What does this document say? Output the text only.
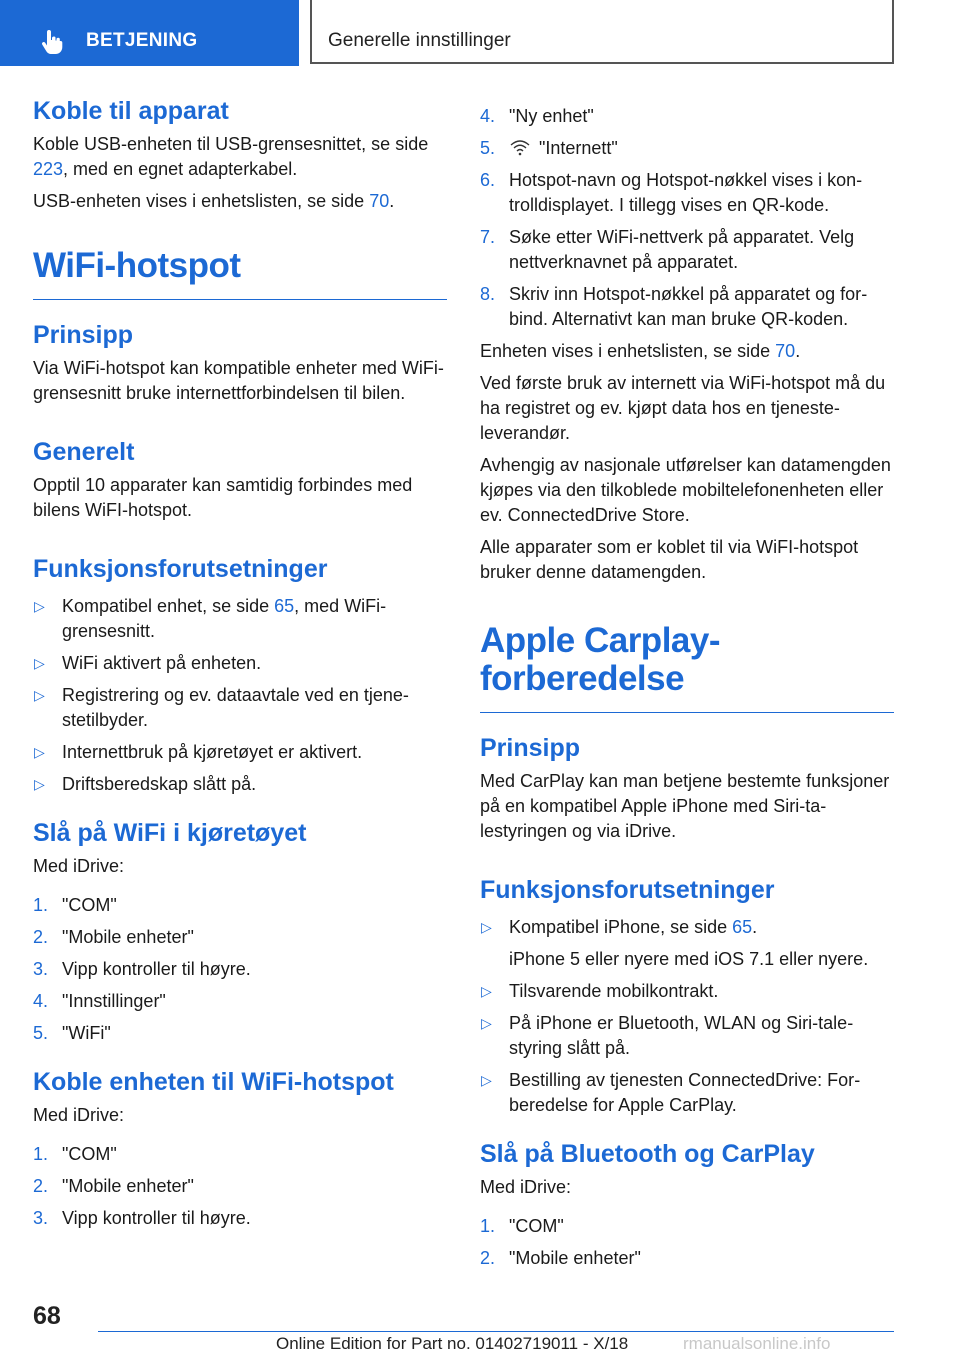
BETJENING	Generelle innstillinger
Koble til apparat

Koble USB-enheten til USB-grensesnittet, se side 223, med en egnet adapterkabel.

USB-enheten vises i enhetslisten, se side 70.

WiFi-hotspot
Prinsipp

Via WiFi-hotspot kan kompatible enheter med WiFi-grensesnitt bruke internettforbindelsen til bilen.

Generelt

Opptil 10 apparater kan samtidig forbindes med bilens WiFI-hotspot.

Funksjonsforutsetninger
▷ Kompatibel enhet, se side 65, med WiFi-grensesnitt.
▷ WiFi aktivert på enheten.
▷ Registrering og ev. dataavtale ved en tjenestetilbyder.
▷ Internettbruk på kjøretøyet er aktivert.
▷ Driftsberedskap slått på.
Slå på WiFi i kjøretøyet

Med iDrive:

1. "COM"
2. "Mobile enheter"
3. Vipp kontroller til høyre.
4. "Innstillinger"
5. "WiFi"
Koble enheten til WiFi-hotspot

Med iDrive:

1. "COM"
2. "Mobile enheter"
3. Vipp kontroller til høyre.
4. "Ny enhet"
5. "Internett"
6. Hotspot-navn og Hotspot-nøkkel vises i kontrolldisplayet. I tillegg vises en QR-kode.
7. Søke etter WiFi-nettverk på apparatet. Velg nettverknavnet på apparatet.
8. Skriv inn Hotspot-nøkkel på apparatet og forbind. Alternativt kan man bruke QR-koden.

Enheten vises i enhetslisten, se side 70.

Ved første bruk av internett via WiFi-hotspot må du ha registret og ev. kjøpt data hos en tjenesteleverandør.

Avhengig av nasjonale utførelser kan datamengden kjøpes via den tilkoblede mobiltelefonenheten eller ev. ConnectedDrive Store.

Alle apparater som er koblet til via WiFI-hotspot bruker denne datamengden.

Apple Carplay-forberedelse
Prinsipp

Med CarPlay kan man betjene bestemte funksjoner på en kompatibel Apple iPhone med Siri-talestyringen og via iDrive.

Funksjonsforutsetninger
▷ Kompatibel iPhone, se side 65.

iPhone 5 eller nyere med iOS 7.1 eller nyere.

▷ Tilsvarende mobilkontrakt.
▷ På iPhone er Bluetooth, WLAN og Siri-talestyring slått på.
▷ Bestilling av tjenesten ConnectedDrive: Forberedelse for Apple CarPlay.
Slå på Bluetooth og CarPlay

Med iDrive:

1. "COM"
2. "Mobile enheter"
68
Online Edition for Part no. 01402719011 - X/18	rmanualsonline.info
